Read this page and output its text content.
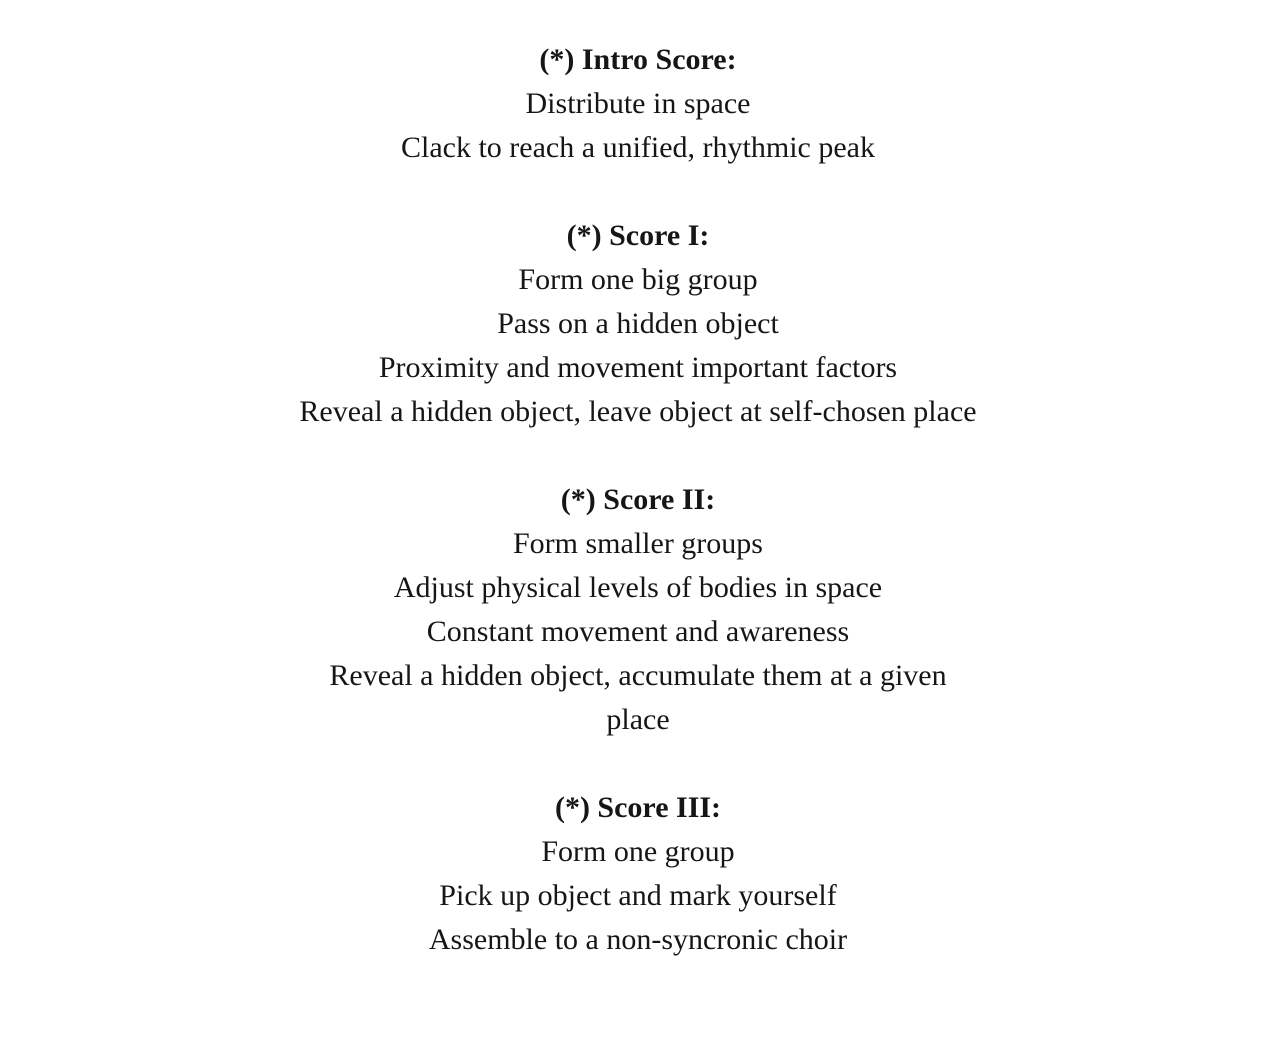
(*) Intro Score:

Distribute in space

Clack to reach a unified, rhythmic peak

(*) Score I:

Form one big group

Pass on a hidden object

Proximity and movement important factors

Reveal a hidden object, leave object at self-chosen place

(*) Score II:

Form smaller groups

Adjust physical levels of bodies in space

Constant movement and awareness

Reveal a hidden object, accumulate them at a given

place

(*) Score III:

Form one group

Pick up object and mark yourself

Assemble to a non-syncronic choir
